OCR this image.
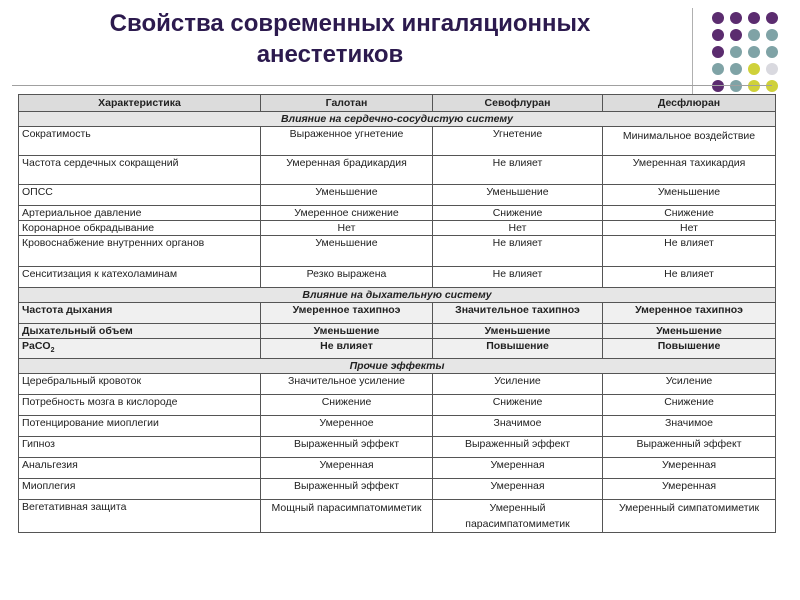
Свойства современных ингаляционных
анестетиков
Характеристика	Галотан	Севофлуран	Десфлюран
Влияние на сердечно-сосудистую систему			
Сократимость	Выраженное угнетение	Угнетение	Минимальное воздействие
Частота сердечных сокращений	Умеренная брадикардия	Не влияет	Умеренная тахикардия
ОПСС	Уменьшение	Уменьшение	Уменьшение
Артериальное давление	Умеренное снижение	Снижение	Снижение
Коронарное обкрадывание	Нет	Нет	Нет
Кровоснабжение внутренних органов	Уменьшение	Не влияет	Не влияет
Сенситизация к катехоламинам	Резко выражена	Не влияет	Не влияет
Влияние на дыхательную систему			
Частота дыхания	Умеренное тахипноэ	Значительное тахипноэ	Умеренное тахипноэ
Дыхательный объем	Уменьшение	Уменьшение	Уменьшение
PaCO$_2$	Не влияет	Повышение	Повышение
Прочие эффекты			
Церебральный кровоток	Значительное усиление	Усиление	Усиление
Потребность мозга в кислороде	Снижение	Снижение	Снижение
Потенцирование миоплегии	Умеренное	Значимое	Значимое
Гипноз	Выраженный эффект	Выраженный эффект	Выраженный эффект
Анальгезия	Умеренная	Умеренная	Умеренная
Миоплегия	Выраженный эффект	Умеренная	Умеренная
Вегетативная защита	Мощный парасимпатомиметик	Умеренный парасимпатомиметик	Умеренный симпатомиметик
